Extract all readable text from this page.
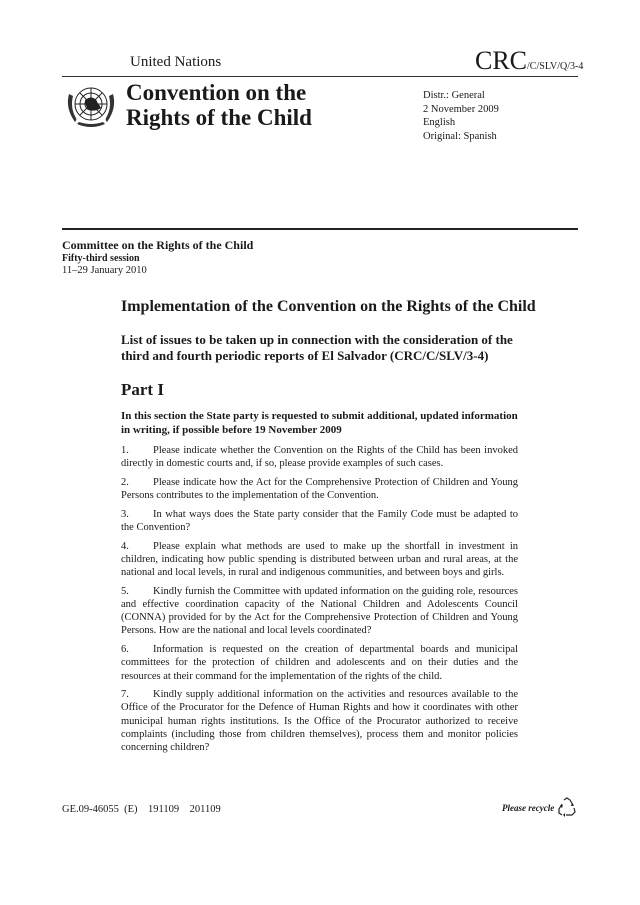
United Nations	CRC/C/SLV/Q/3-4
Convention on the
Rights of the Child
Distr.: General
2 November 2009
English
Original: Spanish
Committee on the Rights of the Child
Fifty-third session
11–29 January 2010
Implementation of the Convention on the Rights of the Child
List of issues to be taken up in connection with the consideration of the third and fourth periodic reports of El Salvador (CRC/C/SLV/3-4)
Part I
In this section the State party is requested to submit additional, updated information in writing, if possible before 19 November 2009

1. Please indicate whether the Convention on the Rights of the Child has been invoked directly in domestic courts and, if so, please provide examples of such cases.

2. Please indicate how the Act for the Comprehensive Protection of Children and Young Persons contributes to the implementation of the Convention.

3. In what ways does the State party consider that the Family Code must be adapted to the Convention?

4. Please explain what methods are used to make up the shortfall in investment in children, indicating how public spending is distributed between urban and rural areas, at the national and local levels, in rural and indigenous communities, and between boys and girls.

5. Kindly furnish the Committee with updated information on the guiding role, resources and effective coordination capacity of the National Children and Adolescents Council (CONNA) provided for by the Act for the Comprehensive Protection of Children and Young Persons. How are the national and local levels coordinated?

6. Information is requested on the creation of departmental boards and municipal committees for the protection of children and adolescents and on their duties and the resources at their command for the implementation of the rights of the child.

7. Kindly supply additional information on the activities and resources available to the Office of the Procurator for the Defence of Human Rights and how it coordinates with other municipal human rights institutions. Is the Office of the Procurator authorized to receive complaints (including those from children themselves), process them and monitor policies concerning children?

GE.09-46055  (E)    191109    201109	Please recycle
